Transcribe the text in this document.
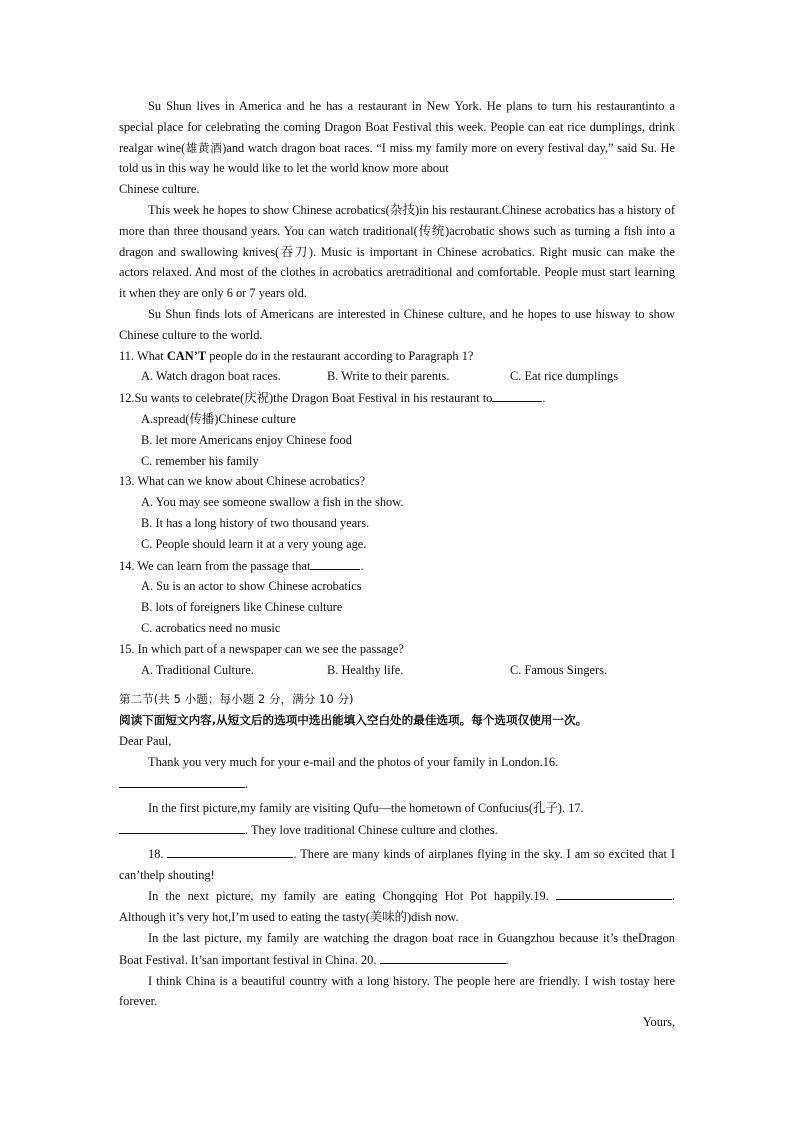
Su Shun lives in America and he has a restaurant in New York. He plans to turn his restaurantinto a special place for celebrating the coming Dragon Boat Festival this week. People can eat rice dumplings, drink realgar wine(雄黄酒)and watch dragon boat races. “I miss my family more on every festival day,” said Su. He told us in this way he would like to let the world know more about

Chinese culture.

This week he hopes to show Chinese acrobatics(杂技)in his restaurant.Chinese acrobatics has a history of more than three thousand years. You can watch traditional(传统)acrobatic shows such as turning a fish into a dragon and swallowing knives(吞刀). Music is important in Chinese acrobatics. Right music can make the actors relaxed. And most of the clothes in acrobatics aretraditional and comfortable. People must start learning it when they are only 6 or 7 years old.

Su Shun finds lots of Americans are interested in Chinese culture, and he hopes to use hisway to show Chinese culture to the world.

11. What CAN’T people do in the restaurant according to Paragraph 1?

A. Watch dragon boat races.	B. Write to their parents.	C. Eat rice dumplings

12.Su wants to celebrate(庆祝)the Dragon Boat Festival in his restaurant to	.

A.spread(传播)Chinese culture

B. let more Americans enjoy Chinese food

C. remember his family

13. What can we know about Chinese acrobatics?

A. You may see someone swallow a fish in the show.

B. It has a long history of two thousand years.

C. People should learn it at a very young age.

14. We can learn from the passage that	.

A. Su is an actor to show Chinese acrobatics

B. lots of foreigners like Chinese culture

C. acrobatics need no music

15. In which part of a newspaper can we see the passage?

A. Traditional Culture.	B. Healthy life.	C. Famous Singers.

第二节(共 5 小题；每小题 2 分，满分 10 分)

阅读下面短文内容,从短文后的选项中选出能填入空白处的最佳选项。每个选项仅使用一次。

Dear Paul,

Thank you very much for your e-mail and the photos of your family in London.16.

.

In the first picture,my family are visiting Qufu—the hometown of Confucius(孔子). 17.

. They love traditional Chinese culture and clothes.

18.	. There are many kinds of airplanes flying in the sky. I am so excited that I can’thelp shouting!

In the next picture, my family are eating Chongqing Hot Pot happily.19.	. Although it’s very hot,I’m used to eating the tasty(美味的)dish now.

In the last picture, my family are watching the dragon boat race in Guangzhou because it’s theDragon Boat Festival. It’san important festival in China. 20.	.

I think China is a beautiful country with a long history. The people here are friendly. I wish tostay here forever.

Yours,
